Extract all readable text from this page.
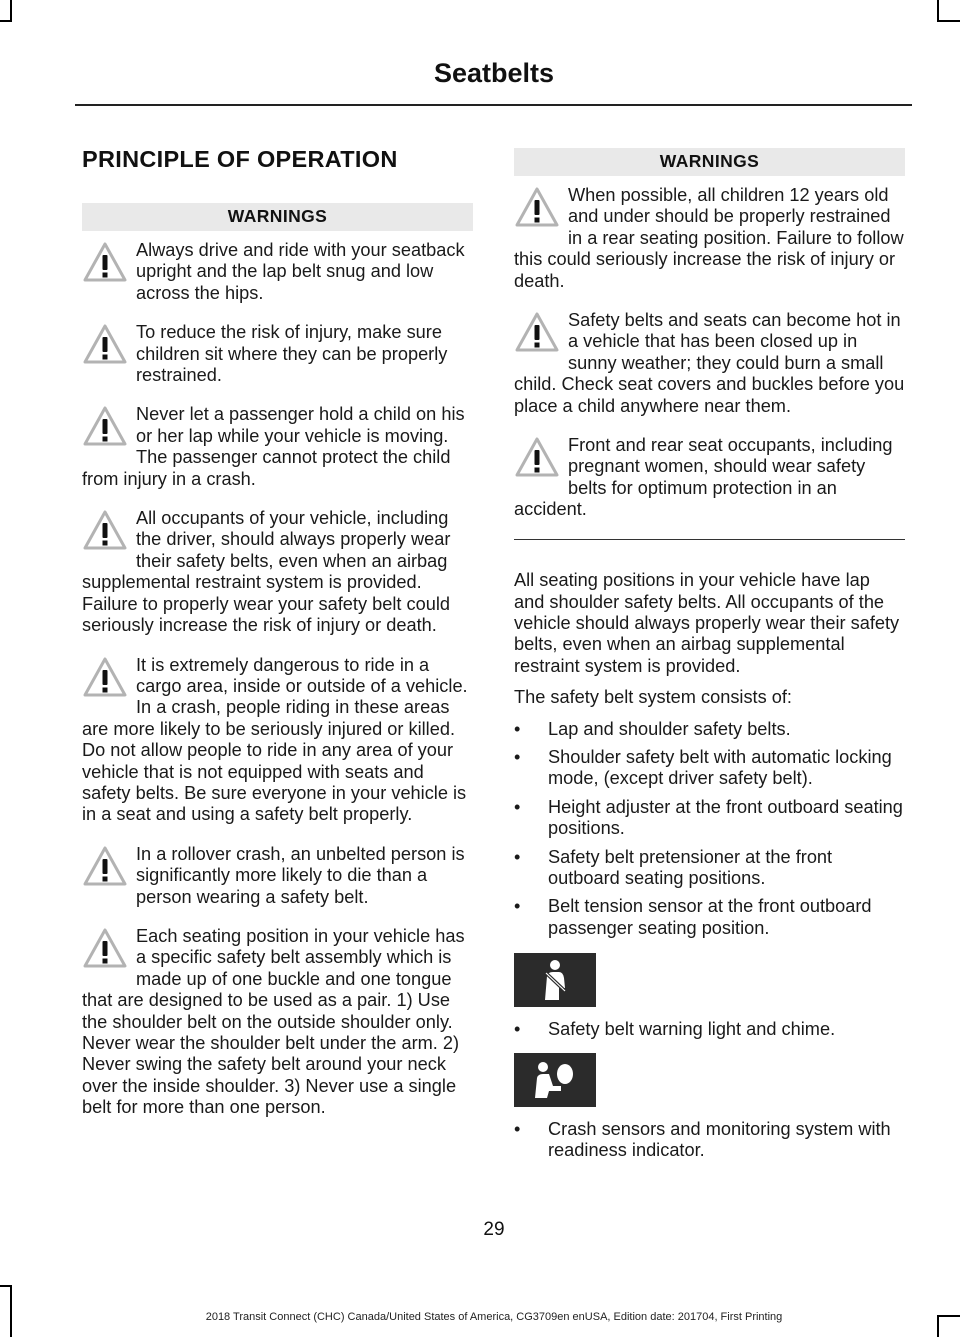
Seatbelts
PRINCIPLE OF OPERATION
WARNINGS
Always drive and ride with your seatback upright and the lap belt snug and low across the hips.
To reduce the risk of injury, make sure children sit where they can be properly restrained.
Never let a passenger hold a child on his or her lap while your vehicle is moving. The passenger cannot protect the child from injury in a crash.
All occupants of your vehicle, including the driver, should always properly wear their safety belts, even when an airbag supplemental restraint system is provided. Failure to properly wear your safety belt could seriously increase the risk of injury or death.
It is extremely dangerous to ride in a cargo area, inside or outside of a vehicle. In a crash, people riding in these areas are more likely to be seriously injured or killed. Do not allow people to ride in any area of your vehicle that is not equipped with seats and safety belts. Be sure everyone in your vehicle is in a seat and using a safety belt properly.
In a rollover crash, an unbelted person is significantly more likely to die than a person wearing a safety belt.
Each seating position in your vehicle has a specific safety belt assembly which is made up of one buckle and one tongue that are designed to be used as a pair. 1) Use the shoulder belt on the outside shoulder only. Never wear the shoulder belt under the arm. 2) Never swing the safety belt around your neck over the inside shoulder. 3) Never use a single belt for more than one person.
WARNINGS
When possible, all children 12 years old and under should be properly restrained in a rear seating position. Failure to follow this could seriously increase the risk of injury or death.
Safety belts and seats can become hot in a vehicle that has been closed up in sunny weather; they could burn a small child. Check seat covers and buckles before you place a child anywhere near them.
Front and rear seat occupants, including pregnant women, should wear safety belts for optimum protection in an accident.
All seating positions in your vehicle have lap and shoulder safety belts. All occupants of the vehicle should always properly wear their safety belts, even when an airbag supplemental restraint system is provided.
The safety belt system consists of:
• Lap and shoulder safety belts.
• Shoulder safety belt with automatic locking mode, (except driver safety belt).
• Height adjuster at the front outboard seating positions.
• Safety belt pretensioner at the front outboard seating positions.
• Belt tension sensor at the front outboard passenger seating position.
• Safety belt warning light and chime.
• Crash sensors and monitoring system with readiness indicator.
29
2018 Transit Connect (CHC) Canada/United States of America, CG3709en enUSA, Edition date: 201704, First Printing
